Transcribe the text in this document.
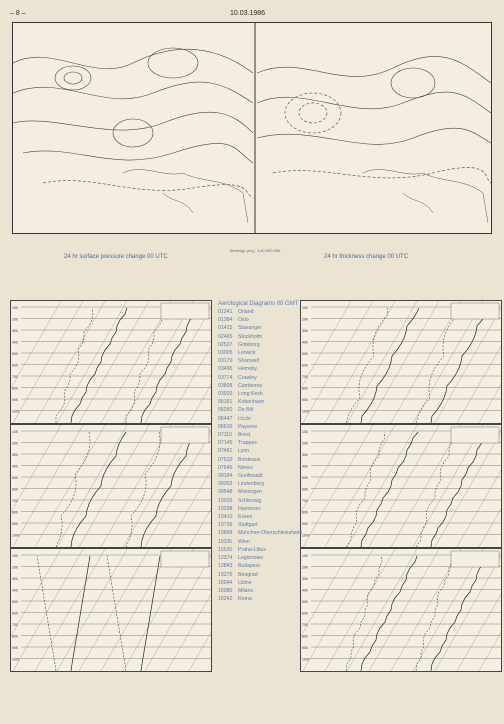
– 8 –	10.03.1986
Stereogr. proj., 1:40 000 000
24 hr surface pressure change 00 UTC	24 hr thickness change 00 UTC
100
200
300
400
500
600
700
800
900
1000
100
200
300
400
500
600
700
800
900
1000
100
200
300
400
500
600
700
800
900
1000
100
200
300
400
500
600
700
800
900
1000
100
200
300
400
500
600
700
800
900
1000
100
200
300
400
500
600
700
800
900
1000
Aerological Diagrams 00 GMT
01241	Orland
01384	Oslo
01415	Stavanger
02465	Stockholm
02527	Goteborg
03005	Lerwick
03170	Shanwell
03496	Hemsby
03774	Crawley
03808	Camborne
03920	Long Kesh
06181	Kobenhavn
06260	De Bilt
06447	Uccle
06610	Payerne
07110	Brest
07145	Trappes
07481	Lyon
07510	Bordeaux
07645	Nimes
09184	Greifswald
09393	Lindenberg
09548	Meiningen
10035	Schleswig
10338	Hannover
10410	Essen
10739	Stuttgart
10868	München-Oberschleissheim
11035	Wien
11520	Praha-Libus
12374	Legionowo
12843	Budapest
13275	Beograd
16044	Udine
16080	Milano
16242	Roma
